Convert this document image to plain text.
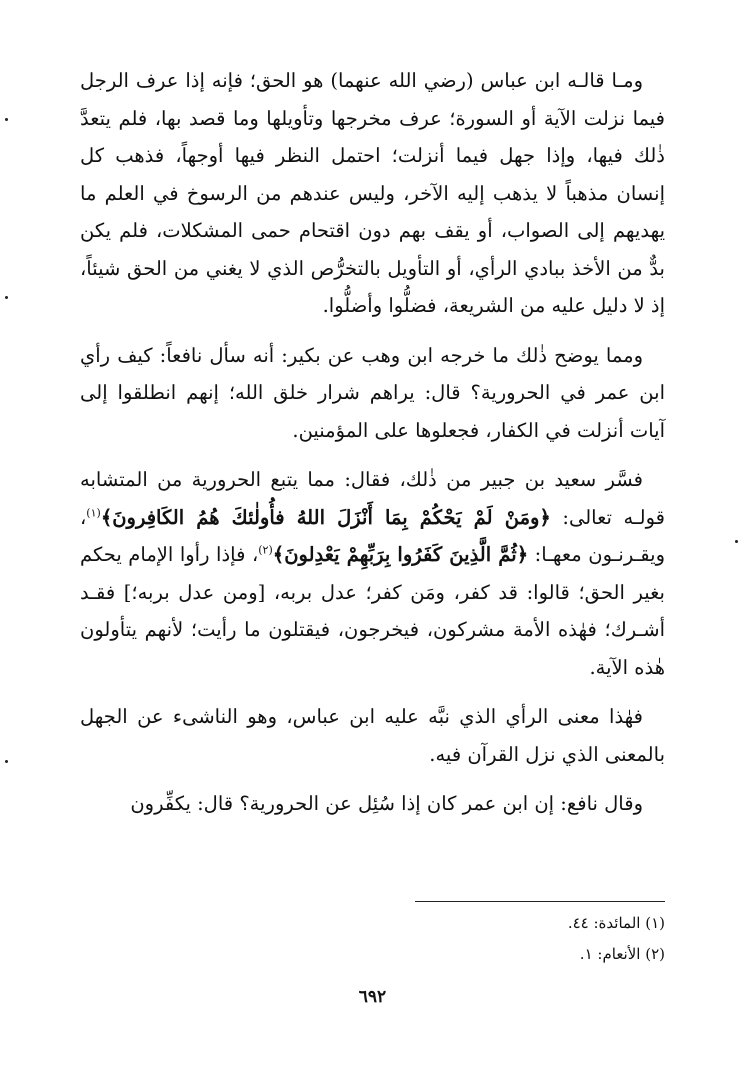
ومـا قالـه ابن عباس (رضي الله عنهما) هو الحق؛ فإنه إذا عرف الرجل فيما نزلت الآية أو السورة؛ عرف مخرجها وتأويلها وما قصد بها، فلم يتعدَّ ذٰلك فيها، وإذا جهل فيما أنزلت؛ احتمل النظر فيها أوجهاً، فذهب كل إنسان مذهباً لا يذهب إليه الآخر، وليس عندهم من الرسوخ في العلم ما يهديهم إلى الصواب، أو يقف بهم دون اقتحام حمى المشكلات، فلم يكن بدٌّ من الأخذ ببادي الرأي، أو التأويل بالتخرُّص الذي لا يغني من الحق شيئاً، إذ لا دليل عليه من الشريعة، فضلُّوا وأضلُّوا.

ومما يوضح ذٰلك ما خرجه ابن وهب عن بكير: أنه سأل نافعاً: كيف رأي ابن عمر في الحرورية؟ قال: يراهم شرار خلق الله؛ إنهم انطلقوا إلى آيات أنزلت في الكفار، فجعلوها على المؤمنين.

فسَّر سعيد بن جبير من ذٰلك، فقال: مما يتبع الحرورية من المتشابه قولـه تعالى: ﴿ومَنْ لَمْ يَحْكُمْ بِمَا أَنْزَلَ اللهُ فأُولٰئكَ هُمُ الكَافِرونَ﴾$^{(١)}$، ويقـرنـون معهـا: ﴿ثُمَّ الَّذِينَ كَفَرُوا بِرَبِّهِمْ يَعْدِلونَ﴾$^{(٢)}$، فإذا رأوا الإمام يحكم بغير الحق؛ قالوا: قد كفر، ومَن كفر؛ عدل بربه، [ومن عدل بربه؛] فقـد أشـرك؛ فهٰذه الأمة مشركون، فيخرجون، فيقتلون ما رأيت؛ لأنهم يتأولون هٰذه الآية.

فهٰذا معنى الرأي الذي نبَّه عليه ابن عباس، وهو الناشىء عن الجهل بالمعنى الذي نزل القرآن فيه.

وقال نافع: إن ابن عمر كان إذا سُئِل عن الحرورية؟ قال: يكفِّرون

(١) المائدة: ٤٤.
(٢) الأنعام: ١.
٦٩٢
